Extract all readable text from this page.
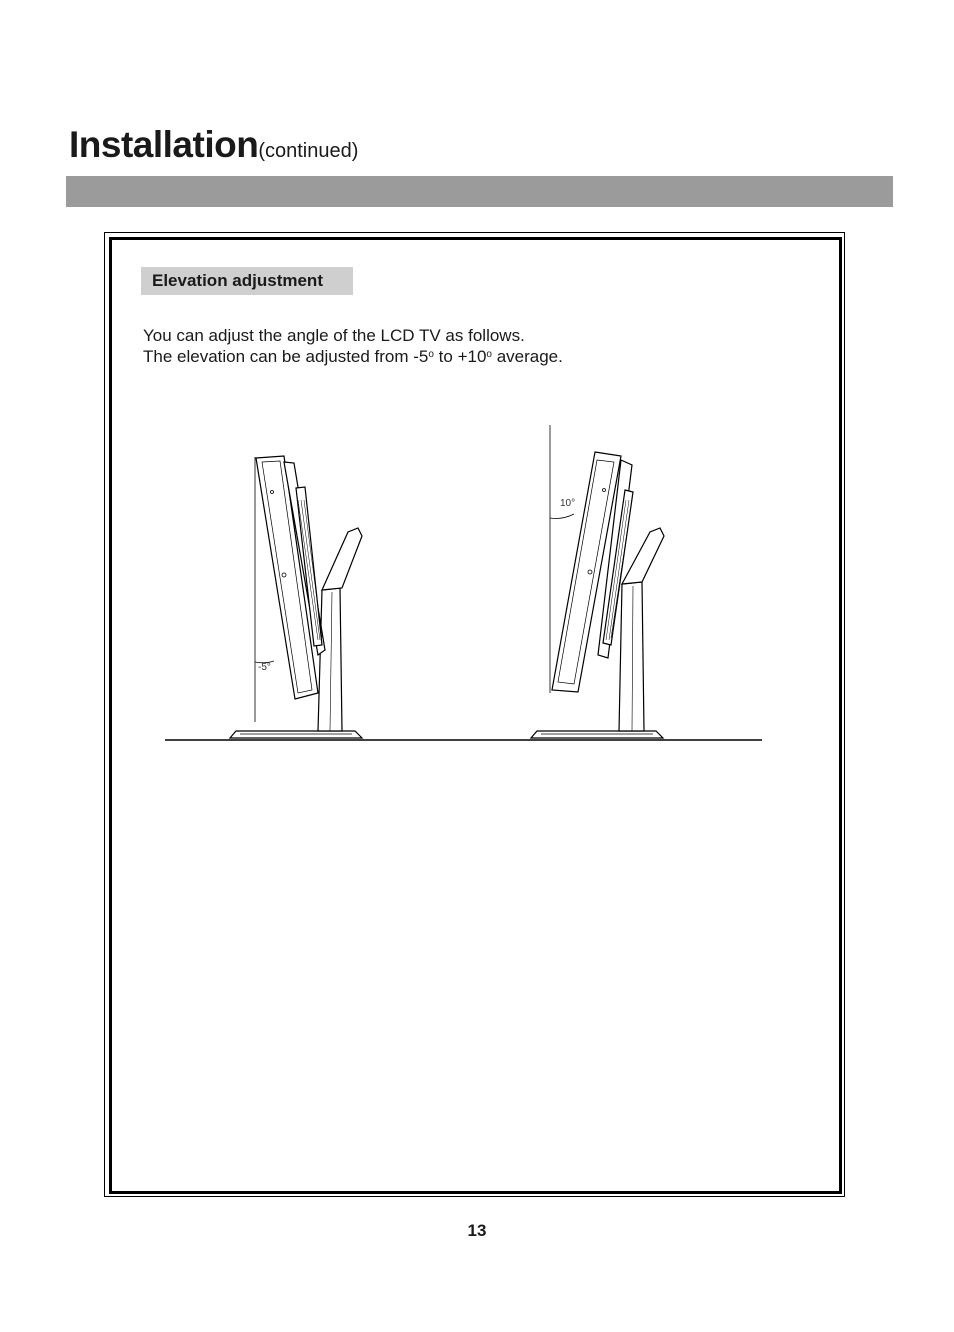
Installation(continued)
Elevation adjustment
You can adjust the angle of the LCD TV as follows.
The elevation can be adjusted from -5$^o$ to $+10^o$ average.
-5°
10°
13
